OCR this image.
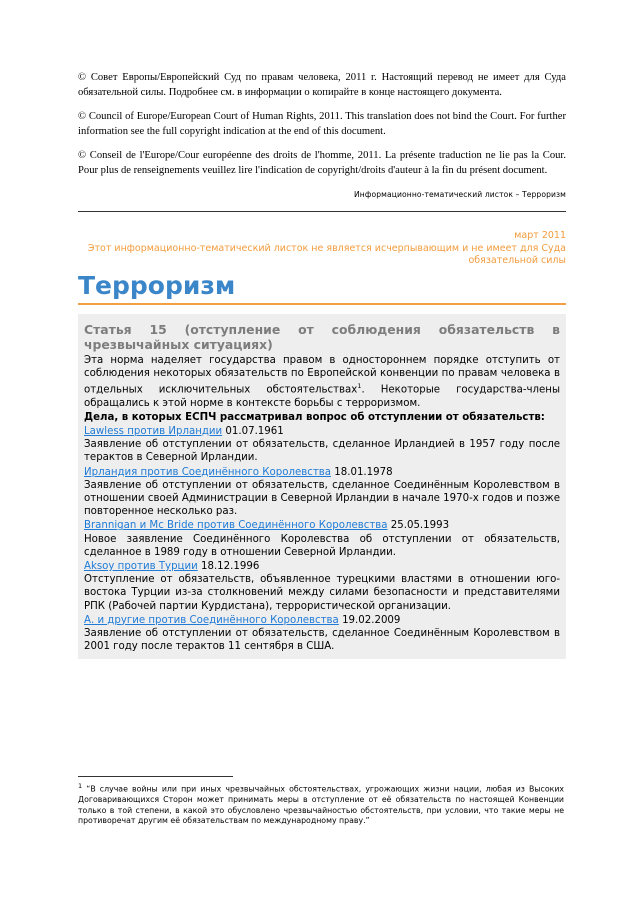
© Совет Европы/Европейский Суд по правам человека, 2011 г. Настоящий перевод не имеет для Суда обязательной силы. Подробнее см. в информации о копирайте в конце настоящего документа.

© Council of Europe/European Court of Human Rights, 2011. This translation does not bind the Court. For further information see the full copyright indication at the end of this document.

© Conseil de l'Europe/Cour européenne des droits de l'homme, 2011. La présente traduction ne lie pas la Cour. Pour plus de renseignements veuillez lire l'indication de copyright/droits d'auteur à la fin du présent document.

Информационно-тематический листок – Терроризм
март 2011
Этот информационно-тематический листок не является исчерпывающим и не имеет для Суда обязательной силы
Терроризм
Статья 15 (отступление от соблюдения обязательств в чрезвычайных ситуациях)

Эта норма наделяет государства правом в одностороннем порядке отступить от соблюдения некоторых обязательств по Европейской конвенции по правам человека в отдельных исключительных обстоятельствах$^1$. Некоторые государства-члены обращались к этой норме в контексте борьбы с терроризмом.

Дела, в которых ЕСПЧ рассматривал вопрос об отступлении от обязательств:
Lawless против Ирландии 01.07.1961

Заявление об отступлении от обязательств, сделанное Ирландией в 1957 году после терактов в Северной Ирландии.

Ирландия против Соединённого Королевства 18.01.1978

Заявление об отступлении от обязательств, сделанное Соединённым Королевством в отношении своей Администрации в Северной Ирландии в начале 1970-х годов и позже повторенное несколько раз.

Brannigan и Mc Bride против Соединённого Королевства 25.05.1993

Новое заявление Соединённого Королевства об отступлении от обязательств, сделанное в 1989 году в отношении Северной Ирландии.

Aksoy против Турции 18.12.1996

Отступление от обязательств, объявленное турецкими властями в отношении юго-востока Турции из-за столкновений между силами безопасности и представителями РПК (Рабочей партии Курдистана), террористической организации.

А. и другие против Соединённого Королевства 19.02.2009

Заявление об отступлении от обязательств, сделанное Соединённым Королевством в 2001 году после терактов 11 сентября в США.

$^1$ “В случае войны или при иных чрезвычайных обстоятельствах, угрожающих жизни нации, любая из Высоких Договаривающихся Сторон может принимать меры в отступление от её обязательств по настоящей Конвенции только в той степени, в какой это обусловлено чрезвычайностью обстоятельств, при условии, что такие меры не противоречат другим её обязательствам по международному праву.”
